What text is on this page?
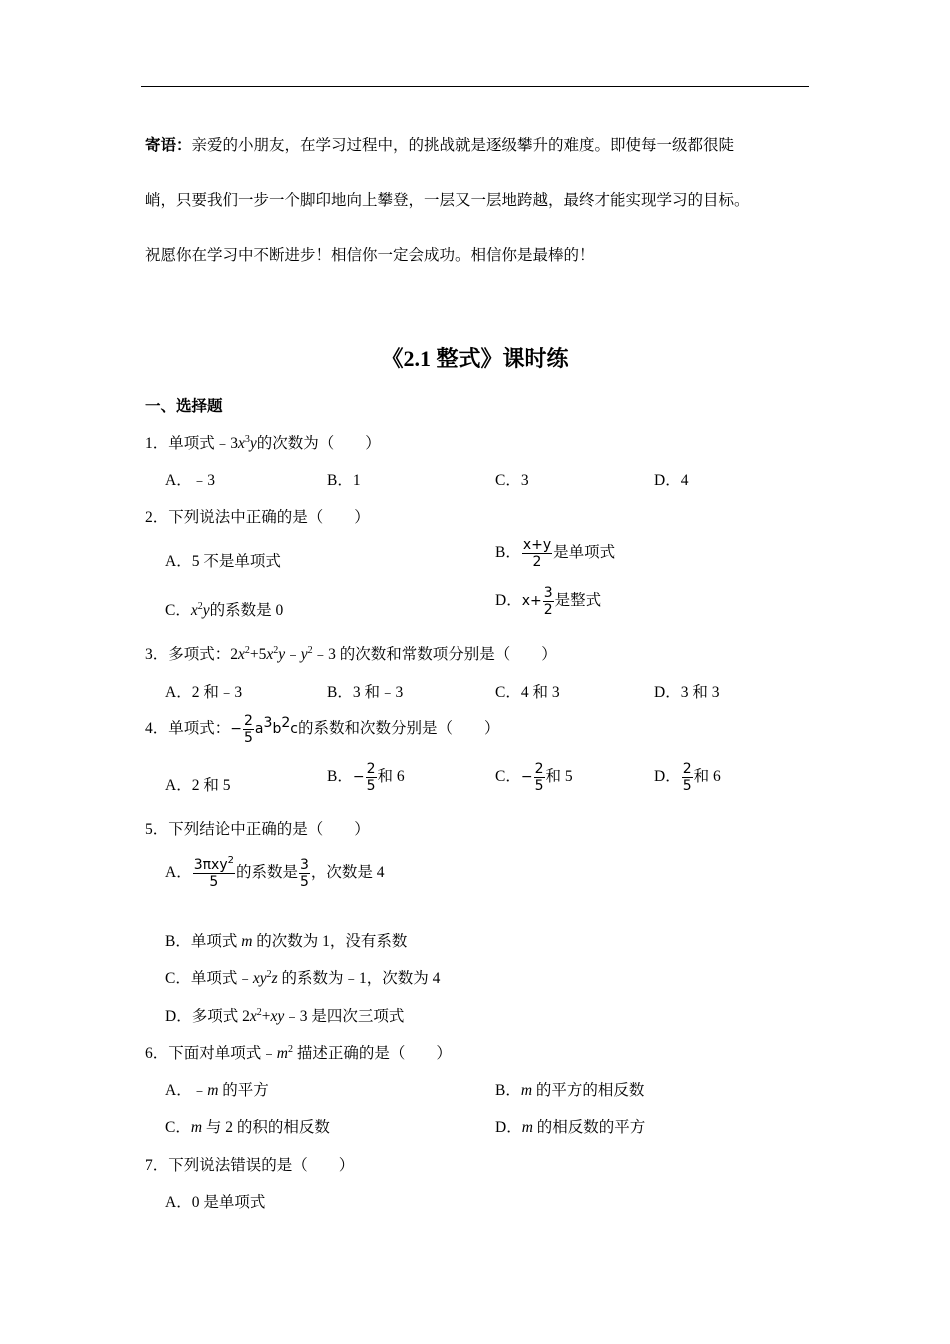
寄语：亲爱的小朋友，在学习过程中，的挑战就是逐级攀升的难度。即使每一级都很陡
峭，只要我们一步一个脚印地向上攀登，一层又一层地跨越，最终才能实现学习的目标。
祝愿你在学习中不断进步！相信你一定会成功。相信你是最棒的！
《2.1 整式》课时练
一、选择题
1．单项式$﹣3x^3y$的次数为（　　）
A．﹣3	B．1	C．3	D．4
2．下列说法中正确的是（　　）
A．5 不是单项式
B． $\frac{x+y}{2}$ 是单项式
C．$x^2y$的系数是 0
D．$x+ \frac{3}{2}$ 是整式
3．多项式：$2x^2+5x^2y﹣y^2﹣3$ 的次数和常数项分别是（　　）
A．2 和﹣3	B．3 和﹣3	C．4 和 3	D．3 和 3
4．单项式：− $\frac{2}{5} a^3b^2c$的系数和次数分别是（　　）
A．2 和 5
B．− $\frac{2}{5}$ 和 6	C．− $\frac{2}{5}$ 和 5	D． $\frac{2}{5}$ 和 6
5．下列结论中正确的是（　　）
A． $\frac{3\pi xy^2}{5}$ 的系数是 $\frac{3}{5}$ ，次数是 4
B．单项式 m 的次数为 1，没有系数
C．单项式$﹣xy^2z$ 的系数为﹣1，次数为 4
D．多项式 $2x^2+xy﹣3$ 是四次三项式
6．下面对单项式$﹣m^2$ 描述正确的是（　　）
A．﹣m 的平方	B．m 的平方的相反数
C．m 与 2 的积的相反数	D．m 的相反数的平方
7．下列说法错误的是（　　）
A．0 是单项式
